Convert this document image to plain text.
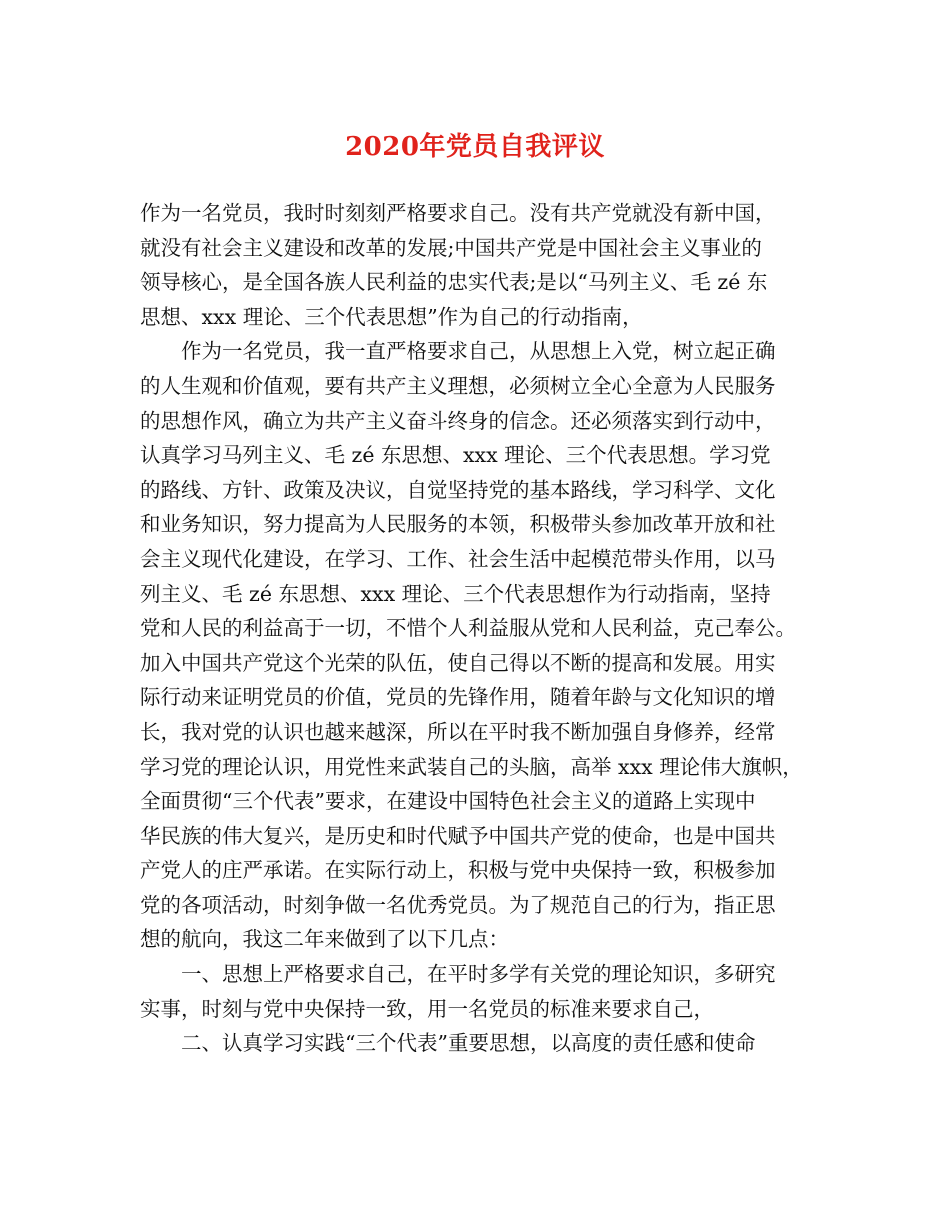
2020年党员自我评议
作为一名党员，我时时刻刻严格要求自己。没有共产党就没有新中国，
就没有社会主义建设和改革的发展;中国共产党是中国社会主义事业的
领导核心，是全国各族人民利益的忠实代表;是以“马列主义、毛 zé 东
思想、xxx 理论、三个代表思想”作为自己的行动指南，
　　作为一名党员，我一直严格要求自己，从思想上入党，树立起正确
的人生观和价值观，要有共产主义理想，必须树立全心全意为人民服务
的思想作风，确立为共产主义奋斗终身的信念。还必须落实到行动中，
认真学习马列主义、毛 zé 东思想、xxx 理论、三个代表思想。学习党
的路线、方针、政策及决议，自觉坚持党的基本路线，学习科学、文化
和业务知识，努力提高为人民服务的本领，积极带头参加改革开放和社
会主义现代化建设，在学习、工作、社会生活中起模范带头作用，以马
列主义、毛 zé 东思想、xxx 理论、三个代表思想作为行动指南，坚持
党和人民的利益高于一切，不惜个人利益服从党和人民利益，克己奉公。
加入中国共产党这个光荣的队伍，使自己得以不断的提高和发展。用实
际行动来证明党员的价值，党员的先锋作用，随着年龄与文化知识的增
长，我对党的认识也越来越深，所以在平时我不断加强自身修养，经常
学习党的理论认识，用党性来武装自己的头脑，高举 xxx 理论伟大旗帜，
全面贯彻“三个代表”要求，在建设中国特色社会主义的道路上实现中
华民族的伟大复兴，是历史和时代赋予中国共产党的使命，也是中国共
产党人的庄严承诺。在实际行动上，积极与党中央保持一致，积极参加
党的各项活动，时刻争做一名优秀党员。为了规范自己的行为，指正思
想的航向，我这二年来做到了以下几点：
　　一、思想上严格要求自己，在平时多学有关党的理论知识，多研究
实事，时刻与党中央保持一致，用一名党员的标准来要求自己，
　　二、认真学习实践“三个代表”重要思想，以高度的责任感和使命
